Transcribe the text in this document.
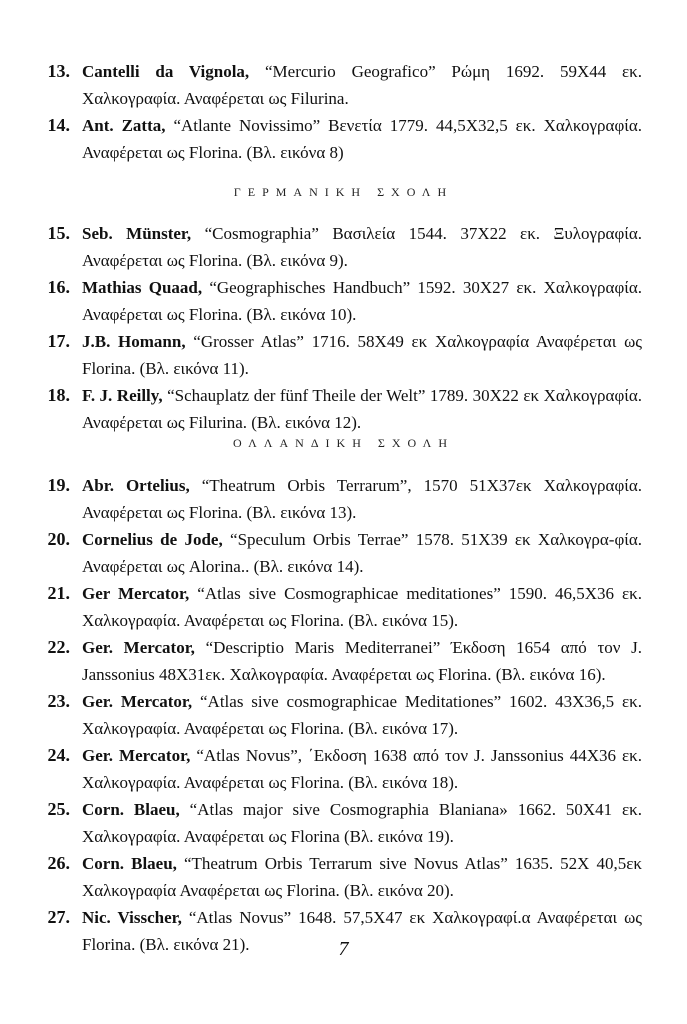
13. Cantelli da Vignola, “Mercurio Geografico” Ρώμη 1692. 59Χ44 εκ. Χαλκογραφία. Αναφέρεται ως Filurina.
14. Ant. Zatta, “Atlante Novissimo” Βενετία 1779. 44,5Χ32,5 εκ. Χαλκογραφία. Αναφέρεται ως Florina. (Βλ. εικόνα 8)
ΓΕΡΜΑΝΙΚΗ ΣΧΟΛΗ
15. Seb. Münster, “Cosmographia” Βασιλεία 1544. 37Χ22 εκ. Ξυλογραφία. Αναφέρεται ως Florina. (Βλ. εικόνα 9).
16. Mathias Quaad, “Geographisches Handbuch” 1592. 30Χ27 εκ. Χαλκογραφία. Αναφέρεται ως Florina. (Βλ. εικόνα 10).
17. J.B. Homann, “Grosser Atlas” 1716. 58Χ49 εκ Χαλκογραφία Αναφέρεται ως Florina. (Βλ. εικόνα 11).
18. F. J. Reilly, “Schauplatz der fünf Theile der Welt” 1789. 30Χ22 εκ Χαλκογραφία. Αναφέρεται ως Filurina. (Βλ. εικόνα 12).
ΟΛΛΑΝΔΙΚΗ ΣΧΟΛΗ
19. Abr. Ortelius, “Theatrum Orbis Terrarum”, 1570 51Χ37εκ Χαλκογραφία. Αναφέρεται ως Florina. (Βλ. εικόνα 13).
20. Cornelius de Jode, “Speculum Orbis Terrae” 1578. 51Χ39 εκ Χαλκογρα-φία. Αναφέρεται ως Alorina.. (Βλ. εικόνα 14).
21. Ger Mercator, “Atlas sive Cosmographicae meditationes” 1590. 46,5Χ36 εκ. Χαλκογραφία. Αναφέρεται ως Florina. (Βλ. εικόνα 15).
22. Ger. Mercator, “Descriptio Maris Mediterranei” Έκδοση 1654 από τον J. Janssonius 48Χ31εκ. Χαλκογραφία. Αναφέρεται ως Florina. (Βλ. εικόνα 16).
23. Ger. Mercator, “Atlas sive cosmographicae Meditationes” 1602. 43Χ36,5 εκ. Χαλκογραφία. Αναφέρεται ως Florina. (Βλ. εικόνα 17).
24. Ger. Mercator, “Atlas Novus”, ΄Εκδοση 1638 από τον J. Janssonius 44Χ36 εκ. Χαλκογραφία. Αναφέρεται ως Florina. (Βλ. εικόνα 18).
25. Corn. Blaeu, “Atlas major sive Cosmographia Blaniana» 1662. 50Χ41 εκ. Χαλκογραφία. Αναφέρεται ως Florina (Βλ. εικόνα 19).
26. Corn. Blaeu, “Theatrum Orbis Terrarum sive Novus Atlas” 1635. 52Χ 40,5εκ Χαλκογραφία Αναφέρεται ως Florina. (Βλ. εικόνα 20).
27. Nic. Visscher, “Atlas Novus” 1648. 57,5Χ47 εκ Χαλκογραφί.α Αναφέρεται ως Florina. (Βλ. εικόνα 21).	7
